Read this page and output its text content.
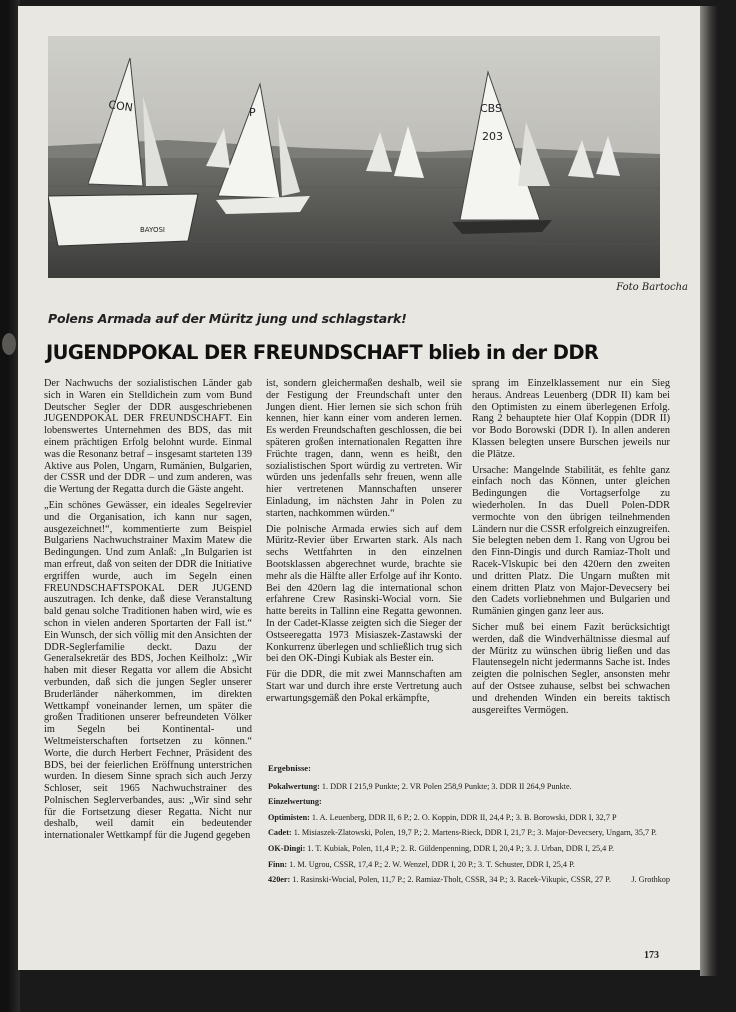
CON	P	CBS
203
BAYOSI
Foto Bartocha
Polens Armada auf der Müritz jung und schlagstark!
JUGENDPOKAL DER FREUNDSCHAFT blieb in der DDR

Der Nachwuchs der sozialistischen Länder gab sich in Waren ein Stelldichein zum vom Bund Deutscher Segler der DDR ausgeschriebenen JUGENDPOKAL DER FREUNDSCHAFT. Ein lobenswertes Unternehmen des BDS, das mit einem prächtigen Erfolg belohnt wurde. Einmal was die Resonanz betraf – insgesamt starteten 139 Aktive aus Polen, Ungarn, Rumänien, Bulgarien, der CSSR und der DDR – und zum anderen, was die Wertung der Regatta durch die Gäste angeht.

„Ein schönes Gewässer, ein ideales Segelrevier und die Organisation, ich kann nur sagen, ausgezeichnet!“, kommentierte zum Beispiel Bulgariens Nachwuchstrainer Maxim Matew die Bedingungen. Und zum Anlaß: „In Bulgarien ist man erfreut, daß von seiten der DDR die Initiative ergriffen wurde, auch im Segeln einen FREUNDSCHAFTSPOKAL DER JUGEND auszutragen. Ich denke, daß diese Veranstaltung bald genau solche Traditionen haben wird, wie es schon in vielen anderen Sportarten der Fall ist.“ Ein Wunsch, der sich völlig mit den Ansichten der DDR-Seglerfamilie deckt. Dazu der Generalsekretär des BDS, Jochen Keilholz: „Wir haben mit dieser Regatta vor allem die Absicht verbunden, daß sich die jungen Segler unserer Bruderländer näherkommen, im direkten Wettkampf voneinander lernen, um später die großen Traditionen unserer befreundeten Völker im Segeln bei Kontinental- und Weltmeisterschaften fortsetzen zu können.“ Worte, die durch Herbert Fechner, Präsident des BDS, bei der feierlichen Eröffnung unterstrichen wurden. In diesem Sinne sprach sich auch Jerzy Schloser, seit 1965 Nachwuchstrainer des Polnischen Seglerverbandes, aus: „Wir sind sehr für die Fortsetzung dieser Regatta. Nicht nur deshalb, weil damit ein bedeutender internationaler Wettkampf für die Jugend gegeben

ist, sondern gleichermaßen deshalb, weil sie der Festigung der Freundschaft unter den Jungen dient. Hier lernen sie sich schon früh kennen, hier kann einer vom anderen lernen. Es werden Freundschaften geschlossen, die bei späteren großen internationalen Regatten ihre Früchte tragen, dann, wenn es heißt, den sozialistischen Sport würdig zu vertreten. Wir würden uns jedenfalls sehr freuen, wenn alle hier vertretenen Mannschaften unserer Einladung, im nächsten Jahr in Polen zu starten, nachkommen würden.“

Die polnische Armada erwies sich auf dem Müritz-Revier über Erwarten stark. Als nach sechs Wettfahrten in den einzelnen Bootsklassen abgerechnet wurde, brachte sie mehr als die Hälfte aller Erfolge auf ihr Konto. Bei den 420ern lag die international schon erfahrene Crew Rasinski-Wocial vorn. Sie hatte bereits in Tallinn eine Regatta gewonnen. In der Cadet-Klasse zeigten sich die Sieger der Ostseeregatta 1973 Misiaszek-Zastawski der Konkurrenz überlegen und schließlich trug sich bei den OK-Dingi Kubiak als Bester ein.

Für die DDR, die mit zwei Mannschaften am Start war und durch ihre erste Vertretung auch erwartungsgemäß den Pokal erkämpfte,

sprang im Einzelklassement nur ein Sieg heraus. Andreas Leuenberg (DDR II) kam bei den Optimisten zu einem überlegenen Erfolg. Rang 2 behauptete hier Olaf Koppin (DDR II) vor Bodo Borowski (DDR I). In allen anderen Klassen belegten unsere Burschen jeweils nur die Plätze.

Ursache: Mangelnde Stabilität, es fehlte ganz einfach noch das Können, unter gleichen Bedingungen die Vortagserfolge zu wiederholen. In das Duell Polen-DDR vermochte von den übrigen teilnehmenden Ländern nur die CSSR erfolgreich einzugreifen. Sie belegten neben dem 1. Rang von Ugrou bei den Finn-Dingis und durch Ramiaz-Tholt und Racek-Vlskupic bei den 420ern den zweiten und dritten Platz. Die Ungarn mußten mit einem dritten Platz von Major-Devecsery bei den Cadets vorliebnehmen und Bulgarien und Rumänien gingen ganz leer aus.

Sicher muß bei einem Fazit berücksichtigt werden, daß die Windverhältnisse diesmal auf der Müritz zu wünschen übrig ließen und das Flautensegeln nicht jedermanns Sache ist. Indes zeigten die polnischen Segler, ansonsten mehr auf der Ostsee zuhause, selbst bei schwachen und drehenden Winden ein bereits taktisch ausgereiftes Vermögen.

Ergebnisse:
Pokalwertung: 1. DDR I 215,9 Punkte; 2. VR Polen 258,9 Punkte; 3. DDR II 264,9 Punkte.
Einzelwertung:
Optimisten: 1. A. Leuenberg, DDR II, 6 P.; 2. O. Koppin, DDR II, 24,4 P.; 3. B. Borowski, DDR I, 32,7 P
Cadet: 1. Misiaszek-Zlatowski, Polen, 19,7 P.; 2. Martens-Rieck, DDR I, 21,7 P.; 3. Major-Devecsery, Ungarn, 35,7 P.
OK-Dingi: 1. T. Kubiak, Polen, 11,4 P.; 2. R. Güldenpenning, DDR I, 20,4 P.; 3. J. Urban, DDR I, 25,4 P.
Finn: 1. M. Ugrou, CSSR, 17,4 P.; 2. W. Wenzel, DDR I, 20 P.; 3. T. Schuster, DDR I, 25,4 P.
420er: 1. Rasinski-Wocial, Polen, 11,7 P.; 2. Ramiaz-Tholt, CSSR, 34 P.; 3. Racek-Vikupic, CSSR, 27 P. J. Grothkop
173
